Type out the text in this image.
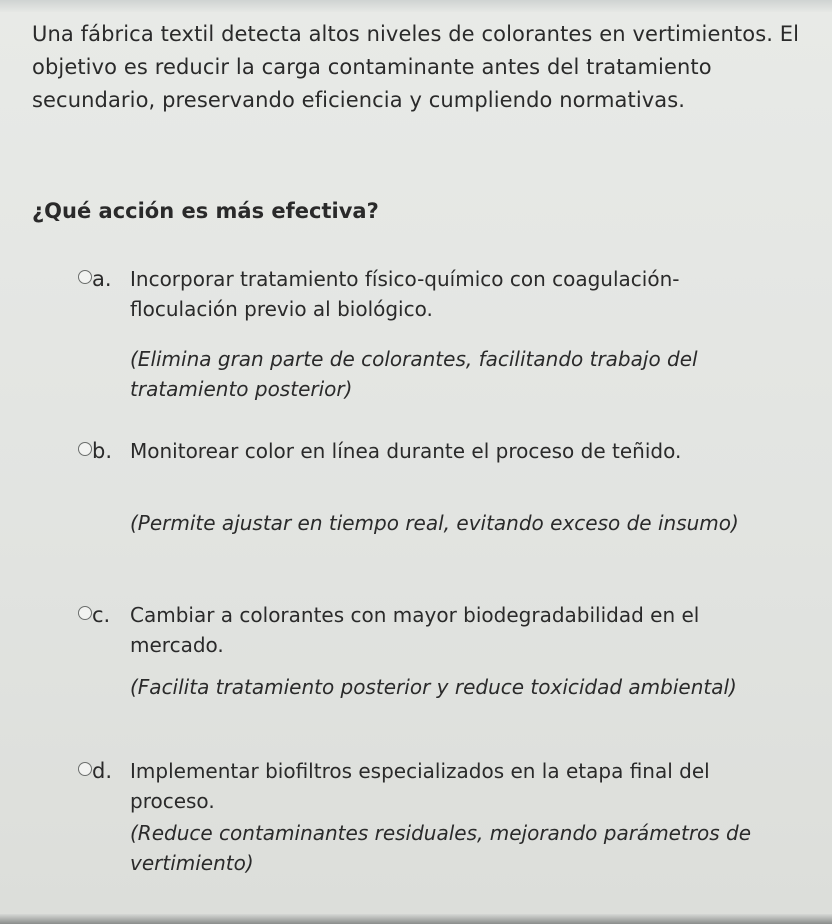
Una fábrica textil detecta altos niveles de colorantes en vertimientos. El objetivo es reducir la carga contaminante antes del tratamiento secundario, preservando eficiencia y cumpliendo normativas.
¿Qué acción es más efectiva?
a. Incorporar tratamiento físico-químico con coagulación-floculación previo al biológico.
(Elimina gran parte de colorantes, facilitando trabajo del tratamiento posterior)
b. Monitorear color en línea durante el proceso de teñido.
(Permite ajustar en tiempo real, evitando exceso de insumo)
c. Cambiar a colorantes con mayor biodegradabilidad en el mercado.
(Facilita tratamiento posterior y reduce toxicidad ambiental)
d. Implementar biofiltros especializados en la etapa final del proceso.
(Reduce contaminantes residuales, mejorando parámetros de vertimiento)
